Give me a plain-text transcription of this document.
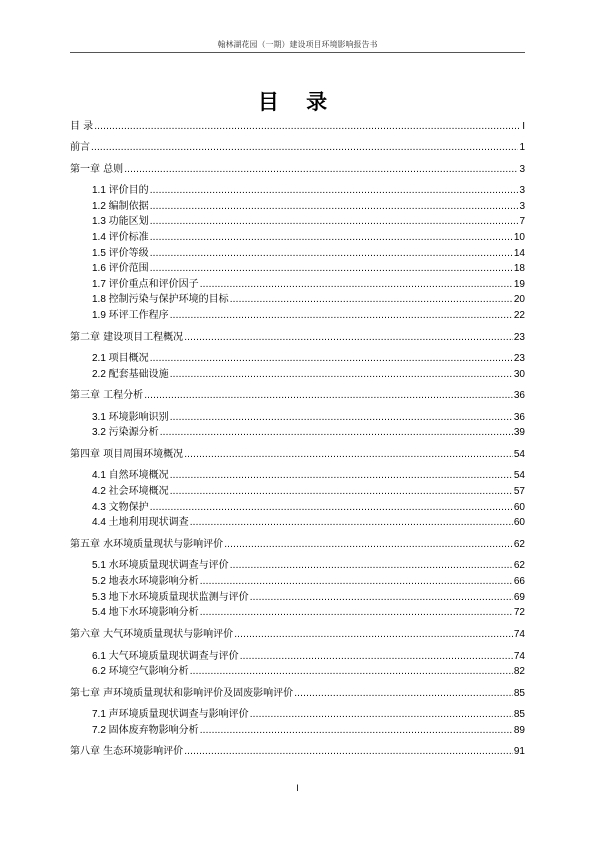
翰林湖花园（一期）建设项目环境影响报告书
目 录
目 录 .....	I
前言 .....	1
第一章 总则 .....	3
1.1 评价目的 .....	3
1.2 编制依据 .....	3
1.3 功能区划 .....	7
1.4 评价标准 .....	10
1.5 评价等级 .....	14
1.6 评价范围 .....	18
1.7 评价重点和评价因子 .....	19
1.8 控制污染与保护环境的目标 .....	20
1.9 环评工作程序 .....	22
第二章 建设项目工程概况 .....	23
2.1 项目概况 .....	23
2.2 配套基础设施 .....	30
第三章 工程分析 .....	36
3.1 环境影响识别 .....	36
3.2 污染源分析 .....	39
第四章 项目周围环境概况 .....	54
4.1 自然环境概况 .....	54
4.2 社会环境概况 .....	57
4.3 文物保护 .....	60
4.4 土地利用现状调查 .....	60
第五章 水环境质量现状与影响评价 .....	62
5.1 水环境质量现状调查与评价 .....	62
5.2 地表水环境影响分析 .....	66
5.3 地下水环境质量现状监测与评价 .....	69
5.4 地下水环境影响分析 .....	72
第六章 大气环境质量现状与影响评价 .....	74
6.1 大气环境质量现状调查与评价 .....	74
6.2 环境空气影响分析 .....	82
第七章 声环境质量现状和影响评价及固废影响评价 .....	85
7.1 声环境质量现状调查与影响评价 .....	85
7.2 固体废弃物影响分析 .....	89
第八章 生态环境影响评价 .....	91
I
